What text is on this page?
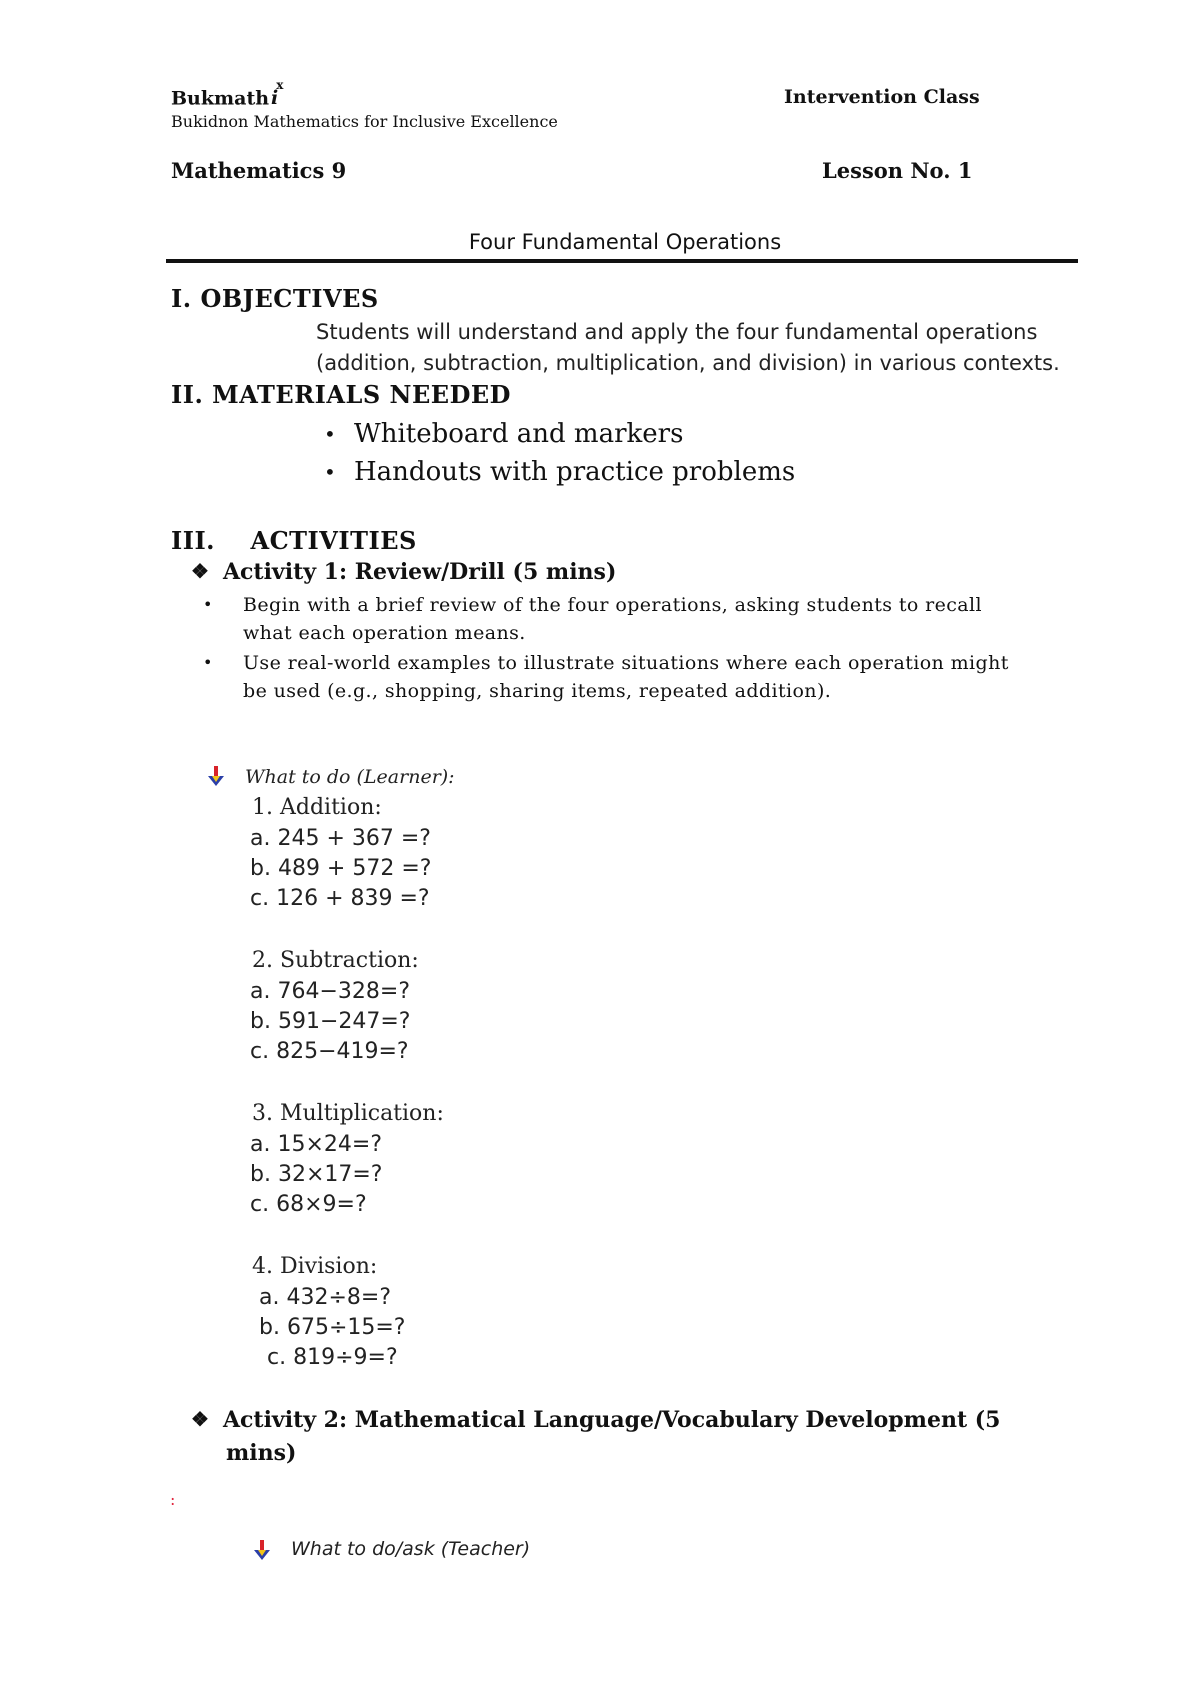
Bukmath $i^x$
Intervention Class
Bukidnon Mathematics for Inclusive Excellence
Mathematics 9	Lesson No. 1
Four Fundamental Operations
I. OBJECTIVES
Students will understand and apply the four fundamental operations
(addition, subtraction, multiplication, and division) in various contexts.
II. MATERIALS NEEDED
• Whiteboard and markers
• Handouts with practice problems
III.    ACTIVITIES
❖ Activity 1: Review/Drill (5 mins)
• Begin with a brief review of the four operations, asking students to recall
what each operation means.
• Use real-world examples to illustrate situations where each operation might
be used (e.g., shopping, sharing items, repeated addition).
What to do (Learner):
1. Addition:
a. 245 + 367 =?
b. 489 + 572 =?
c. 126 + 839 =?
2. Subtraction:
a. 764−328=?
b. 591−247=?
c. 825−419=?
3. Multiplication:
a. 15×24=?
b. 32×17=?
c. 68×9=?
4. Division:
a. 432÷8=?
b. 675÷15=?
c. 819÷9=?
❖ Activity 2: Mathematical Language/Vocabulary Development (5
mins)
:
What to do/ask (Teacher)
